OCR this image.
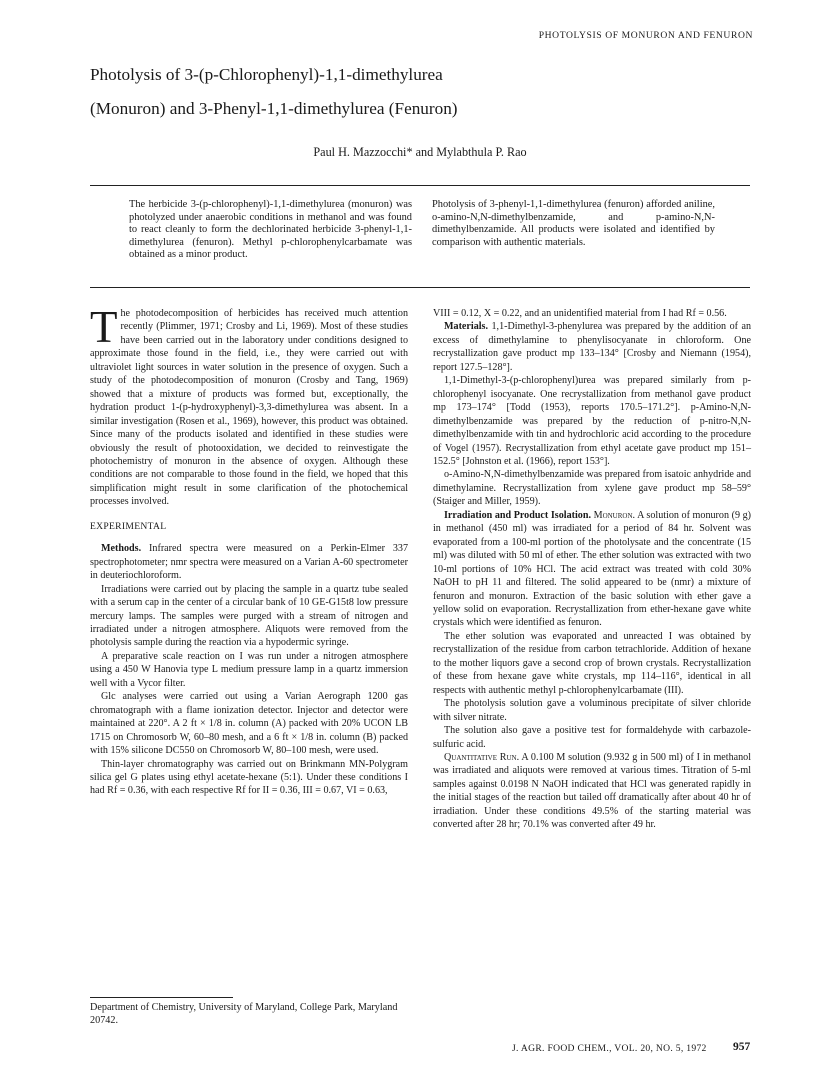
PHOTOLYSIS OF MONURON AND FENURON
Photolysis of 3-(p-Chlorophenyl)-1,1-dimethylurea
(Monuron) and 3-Phenyl-1,1-dimethylurea (Fenuron)
Paul H. Mazzocchi* and Mylabthula P. Rao
The herbicide 3-(p-chlorophenyl)-1,1-dimethylurea (monuron) was photolyzed under anaerobic conditions in methanol and was found to react cleanly to form the dechlorinated herbicide 3-phenyl-1,1-dimethylurea (fenuron). Methyl p-chlorophenylcarbamate was obtained as a minor product.
Photolysis of 3-phenyl-1,1-dimethylurea (fenuron) afforded aniline, o-amino-N,N-dimethylbenzamide, and p-amino-N,N-dimethylbenzamide. All products were isolated and identified by comparison with authentic materials.

The photodecomposition of herbicides has received much attention recently (Plimmer, 1971; Crosby and Li, 1969). Most of these studies have been carried out in the laboratory under conditions designed to approximate those found in the field, i.e., they were carried out with ultraviolet light sources in water solution in the presence of oxygen. Such a study of the photodecomposition of monuron (Crosby and Tang, 1969) showed that a mixture of products was formed but, exceptionally, the hydration product 1-(p-hydroxyphenyl)-3,3-dimethylurea was absent. In a similar investigation (Rosen et al., 1969), however, this product was obtained. Since many of the products isolated and identified in these studies were obviously the result of photooxidation, we decided to reinvestigate the photochemistry of monuron in the absence of oxygen. Although these conditions are not comparable to those found in the field, we hoped that this simplification might result in some clarification of the photochemical processes involved.

EXPERIMENTAL

Methods. Infrared spectra were measured on a Perkin-Elmer 337 spectrophotometer; nmr spectra were measured on a Varian A-60 spectrometer in deuteriochloroform.

Irradiations were carried out by placing the sample in a quartz tube sealed with a serum cap in the center of a circular bank of 10 GE-G15t8 low pressure mercury lamps. The samples were purged with a stream of nitrogen and irradiated under a nitrogen atmosphere. Aliquots were removed from the photolysis sample during the reaction via a hypodermic syringe.

A preparative scale reaction on I was run under a nitrogen atmosphere using a 450 W Hanovia type L medium pressure lamp in a quartz immersion well with a Vycor filter.

Glc analyses were carried out using a Varian Aerograph 1200 gas chromatograph with a flame ionization detector. Injector and detector were maintained at 220°. A 2 ft × 1/8 in. column (A) packed with 20% UCON LB 1715 on Chromosorb W, 60–80 mesh, and a 6 ft × 1/8 in. column (B) packed with 15% silicone DC550 on Chromosorb W, 80–100 mesh, were used.

Thin-layer chromatography was carried out on Brinkmann MN-Polygram silica gel G plates using ethyl acetate-hexane (5:1). Under these conditions I had Rf = 0.36, with each respective Rf for II = 0.36, III = 0.67, VI = 0.63,

Department of Chemistry, University of Maryland, College Park, Maryland 20742.

VIII = 0.12, X = 0.22, and an unidentified material from I had Rf = 0.56.

Materials. 1,1-Dimethyl-3-phenylurea was prepared by the addition of an excess of dimethylamine to phenylisocyanate in chloroform. One recrystallization gave product mp 133–134° [Crosby and Niemann (1954), report 127.5–128°].

1,1-Dimethyl-3-(p-chlorophenyl)urea was prepared similarly from p-chlorophenyl isocyanate. One recrystallization from methanol gave product mp 173–174° [Todd (1953), reports 170.5–171.2°]. p-Amino-N,N-dimethylbenzamide was prepared by the reduction of p-nitro-N,N-dimethylbenzamide with tin and hydrochloric acid according to the procedure of Vogel (1957). Recrystallization from ethyl acetate gave product mp 151–152.5° [Johnston et al. (1966), report 153°].

o-Amino-N,N-dimethylbenzamide was prepared from isatoic anhydride and dimethylamine. Recrystallization from xylene gave product mp 58–59° (Staiger and Miller, 1959).

Irradiation and Product Isolation. Monuron. A solution of monuron (9 g) in methanol (450 ml) was irradiated for a period of 84 hr. Solvent was evaporated from a 100-ml portion of the photolysate and the concentrate (15 ml) was diluted with 50 ml of ether. The ether solution was extracted with two 10-ml portions of 10% HCl. The acid extract was treated with cold 30% NaOH to pH 11 and filtered. The solid appeared to be (nmr) a mixture of fenuron and monuron. Extraction of the basic solution with ether gave a yellow solid on evaporation. Recrystallization from ether-hexane gave white crystals which were identified as fenuron.

The ether solution was evaporated and unreacted I was obtained by recrystallization of the residue from carbon tetrachloride. Addition of hexane to the mother liquors gave a second crop of brown crystals. Recrystallization of these from hexane gave white crystals, mp 114–116°, identical in all respects with authentic methyl p-chlorophenylcarbamate (III).

The photolysis solution gave a voluminous precipitate of silver chloride with silver nitrate.

The solution also gave a positive test for formaldehyde with carbazole-sulfuric acid.

Quantitative Run. A 0.100 M solution (9.932 g in 500 ml) of I in methanol was irradiated and aliquots were removed at various times. Titration of 5-ml samples against 0.0198 N NaOH indicated that HCl was generated rapidly in the initial stages of the reaction but tailed off dramatically after about 40 hr of irradiation. Under these conditions 49.5% of the starting material was converted after 28 hr; 70.1% was converted after 49 hr.

J. AGR. FOOD CHEM., VOL. 20, NO. 5, 1972 957
